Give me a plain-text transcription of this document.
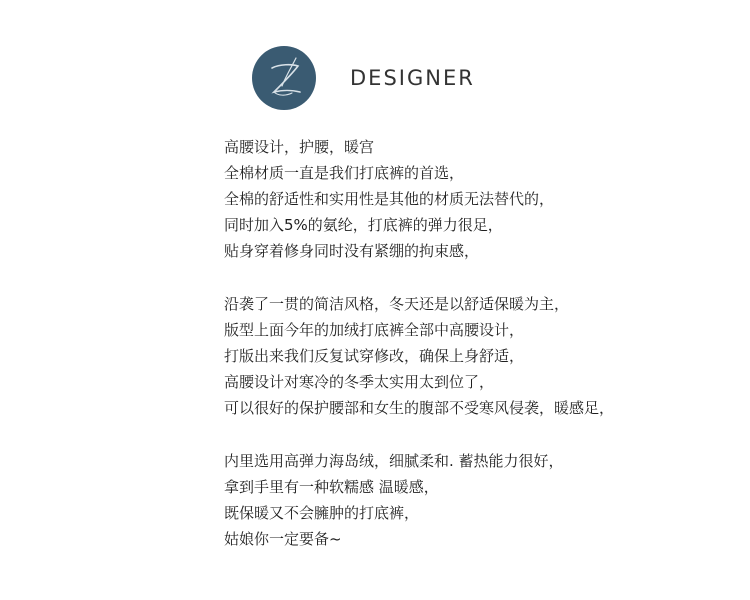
DESIGNER
高腰设计，护腰，暖宫
全棉材质一直是我们打底裤的首选，
全棉的舒适性和实用性是其他的材质无法替代的，
同时加入5%的氨纶，打底裤的弹力很足，
贴身穿着修身同时没有紧绷的拘束感，
沿袭了一贯的简洁风格，冬天还是以舒适保暖为主，
版型上面今年的加绒打底裤全部中高腰设计，
打版出来我们反复试穿修改，确保上身舒适，
高腰设计对寒冷的冬季太实用太到位了，
可以很好的保护腰部和女生的腹部不受寒风侵袭，暖感足，
内里选用高弹力海岛绒，细腻柔和. 蓄热能力很好，
拿到手里有一种软糯感 温暖感，
既保暖又不会臃肿的打底裤，
姑娘你一定要备~
